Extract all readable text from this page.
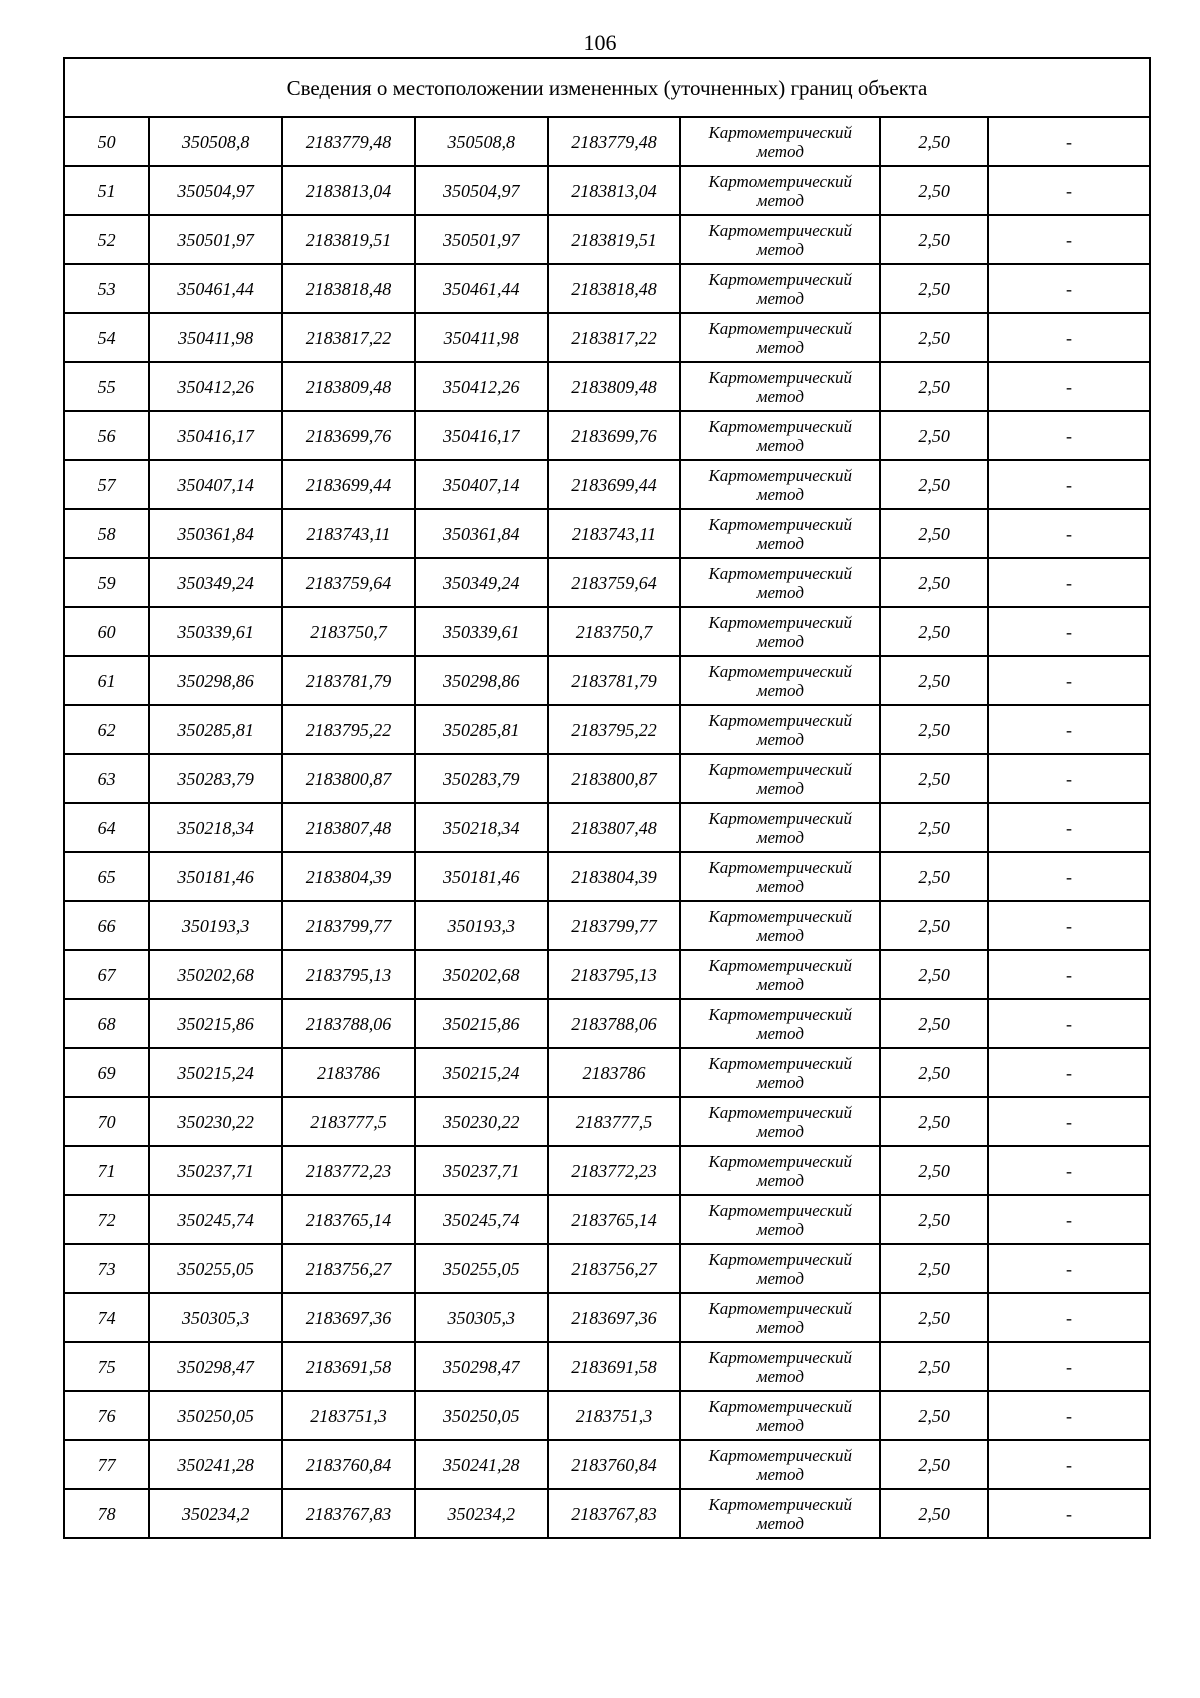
106
Сведения о местоположении измененных (уточненных) границ объекта							
50	350508,8	2183779,48	350508,8	2183779,48	Картометрический
метод	2,50	-
51	350504,97	2183813,04	350504,97	2183813,04	Картометрический
метод	2,50	-
52	350501,97	2183819,51	350501,97	2183819,51	Картометрический
метод	2,50	-
53	350461,44	2183818,48	350461,44	2183818,48	Картометрический
метод	2,50	-
54	350411,98	2183817,22	350411,98	2183817,22	Картометрический
метод	2,50	-
55	350412,26	2183809,48	350412,26	2183809,48	Картометрический
метод	2,50	-
56	350416,17	2183699,76	350416,17	2183699,76	Картометрический
метод	2,50	-
57	350407,14	2183699,44	350407,14	2183699,44	Картометрический
метод	2,50	-
58	350361,84	2183743,11	350361,84	2183743,11	Картометрический
метод	2,50	-
59	350349,24	2183759,64	350349,24	2183759,64	Картометрический
метод	2,50	-
60	350339,61	2183750,7	350339,61	2183750,7	Картометрический
метод	2,50	-
61	350298,86	2183781,79	350298,86	2183781,79	Картометрический
метод	2,50	-
62	350285,81	2183795,22	350285,81	2183795,22	Картометрический
метод	2,50	-
63	350283,79	2183800,87	350283,79	2183800,87	Картометрический
метод	2,50	-
64	350218,34	2183807,48	350218,34	2183807,48	Картометрический
метод	2,50	-
65	350181,46	2183804,39	350181,46	2183804,39	Картометрический
метод	2,50	-
66	350193,3	2183799,77	350193,3	2183799,77	Картометрический
метод	2,50	-
67	350202,68	2183795,13	350202,68	2183795,13	Картометрический
метод	2,50	-
68	350215,86	2183788,06	350215,86	2183788,06	Картометрический
метод	2,50	-
69	350215,24	2183786	350215,24	2183786	Картометрический
метод	2,50	-
70	350230,22	2183777,5	350230,22	2183777,5	Картометрический
метод	2,50	-
71	350237,71	2183772,23	350237,71	2183772,23	Картометрический
метод	2,50	-
72	350245,74	2183765,14	350245,74	2183765,14	Картометрический
метод	2,50	-
73	350255,05	2183756,27	350255,05	2183756,27	Картометрический
метод	2,50	-
74	350305,3	2183697,36	350305,3	2183697,36	Картометрический
метод	2,50	-
75	350298,47	2183691,58	350298,47	2183691,58	Картометрический
метод	2,50	-
76	350250,05	2183751,3	350250,05	2183751,3	Картометрический
метод	2,50	-
77	350241,28	2183760,84	350241,28	2183760,84	Картометрический
метод	2,50	-
78	350234,2	2183767,83	350234,2	2183767,83	Картометрический
метод	2,50	-
